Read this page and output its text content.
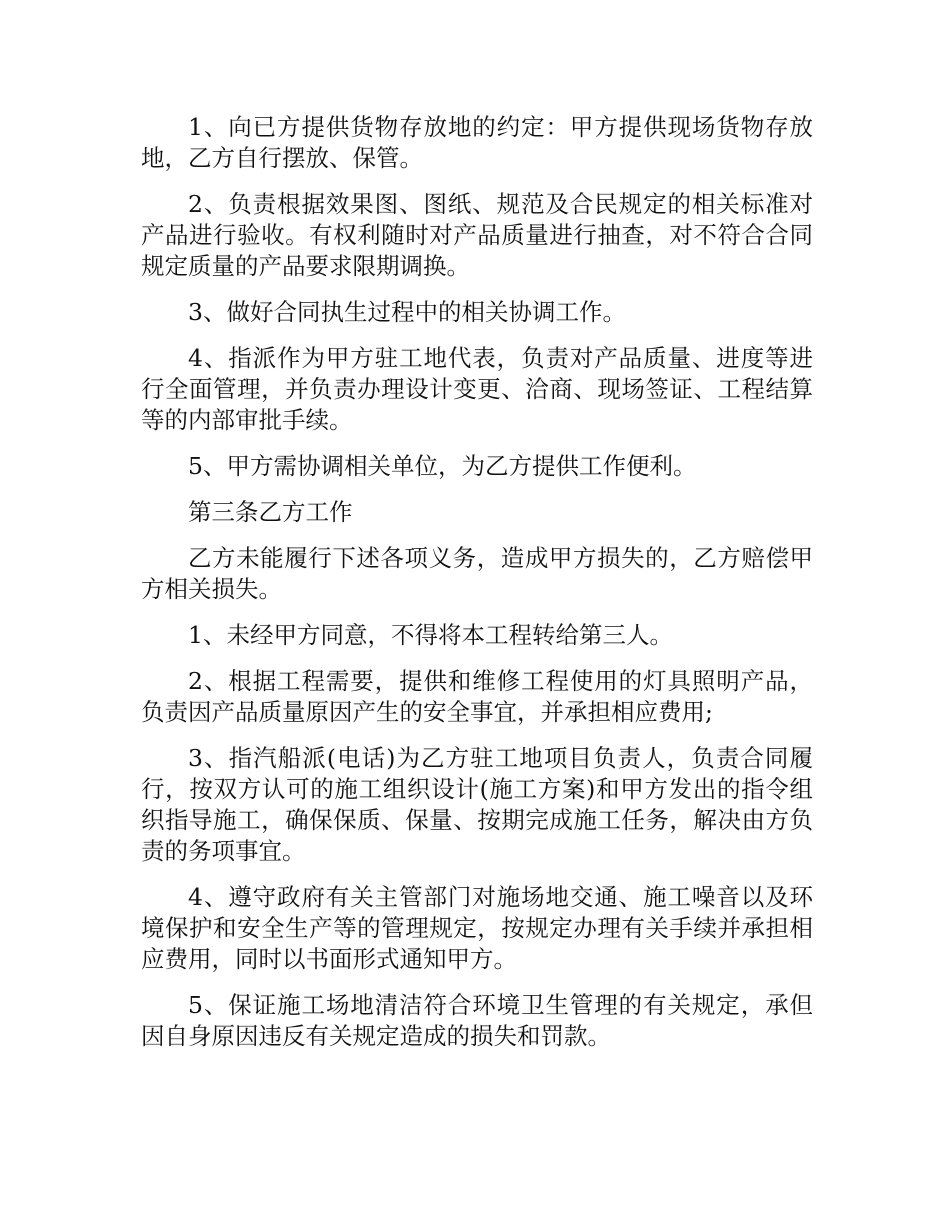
1、向已方提供货物存放地的约定：甲方提供现场货物存放地，乙方自行摆放、保管。

2、负责根据效果图、图纸、规范及合民规定的相关标准对产品进行验收。有权利随时对产品质量进行抽查，对不符合合同规定质量的产品要求限期调换。

3、做好合同执生过程中的相关协调工作。

4、指派作为甲方驻工地代表，负责对产品质量、进度等进行全面管理，并负责办理设计变更、洽商、现场签证、工程结算等的内部审批手续。

5、甲方需协调相关单位，为乙方提供工作便利。

第三条乙方工作

乙方未能履行下述各项义务，造成甲方损失的，乙方赔偿甲方相关损失。

1、未经甲方同意，不得将本工程转给第三人。

2、根据工程需要，提供和维修工程使用的灯具照明产品，负责因产品质量原因产生的安全事宜，并承担相应费用;

3、指汽船派(电话)为乙方驻工地项目负责人，负责合同履行，按双方认可的施工组织设计(施工方案)和甲方发出的指令组织指导施工，确保保质、保量、按期完成施工任务，解决由方负责的务项事宜。

4、遵守政府有关主管部门对施场地交通、施工噪音以及环境保护和安全生产等的管理规定，按规定办理有关手续并承担相应费用，同时以书面形式通知甲方。

5、保证施工场地清洁符合环境卫生管理的有关规定，承但因自身原因违反有关规定造成的损失和罚款。
